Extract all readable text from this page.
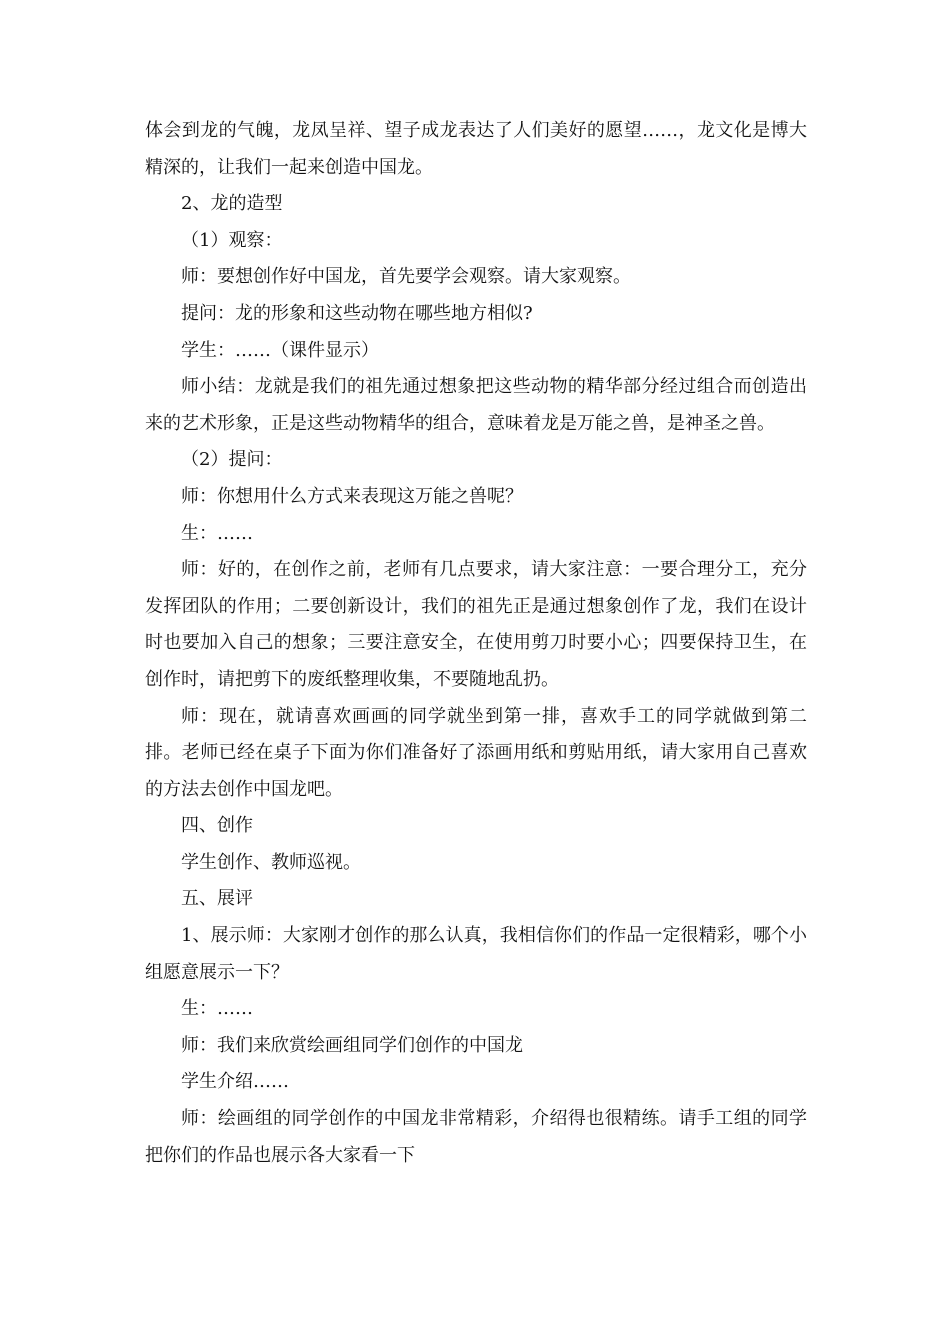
体会到龙的气魄，龙凤呈祥、望子成龙表达了人们美好的愿望……，龙文化是博大精深的，让我们一起来创造中国龙。

2、龙的造型

（1）观察：

师：要想创作好中国龙，首先要学会观察。请大家观察。

提问：龙的形象和这些动物在哪些地方相似?

学生：……（课件显示）

师小结：龙就是我们的祖先通过想象把这些动物的精华部分经过组合而创造出来的艺术形象，正是这些动物精华的组合，意味着龙是万能之兽，是神圣之兽。

（2）提问：

师：你想用什么方式来表现这万能之兽呢？

生：……

师：好的，在创作之前，老师有几点要求，请大家注意：一要合理分工，充分发挥团队的作用；二要创新设计，我们的祖先正是通过想象创作了龙，我们在设计时也要加入自己的想象；三要注意安全，在使用剪刀时要小心；四要保持卫生，在创作时，请把剪下的废纸整理收集，不要随地乱扔。

师：现在，就请喜欢画画的同学就坐到第一排，喜欢手工的同学就做到第二排。老师已经在桌子下面为你们准备好了添画用纸和剪贴用纸，请大家用自己喜欢的方法去创作中国龙吧。

四、创作

学生创作、教师巡视。

五、展评

1、展示师：大家刚才创作的那么认真，我相信你们的作品一定很精彩，哪个小组愿意展示一下？

生：……

师：我们来欣赏绘画组同学们创作的中国龙

学生介绍……

师：绘画组的同学创作的中国龙非常精彩，介绍得也很精练。请手工组的同学把你们的作品也展示各大家看一下
